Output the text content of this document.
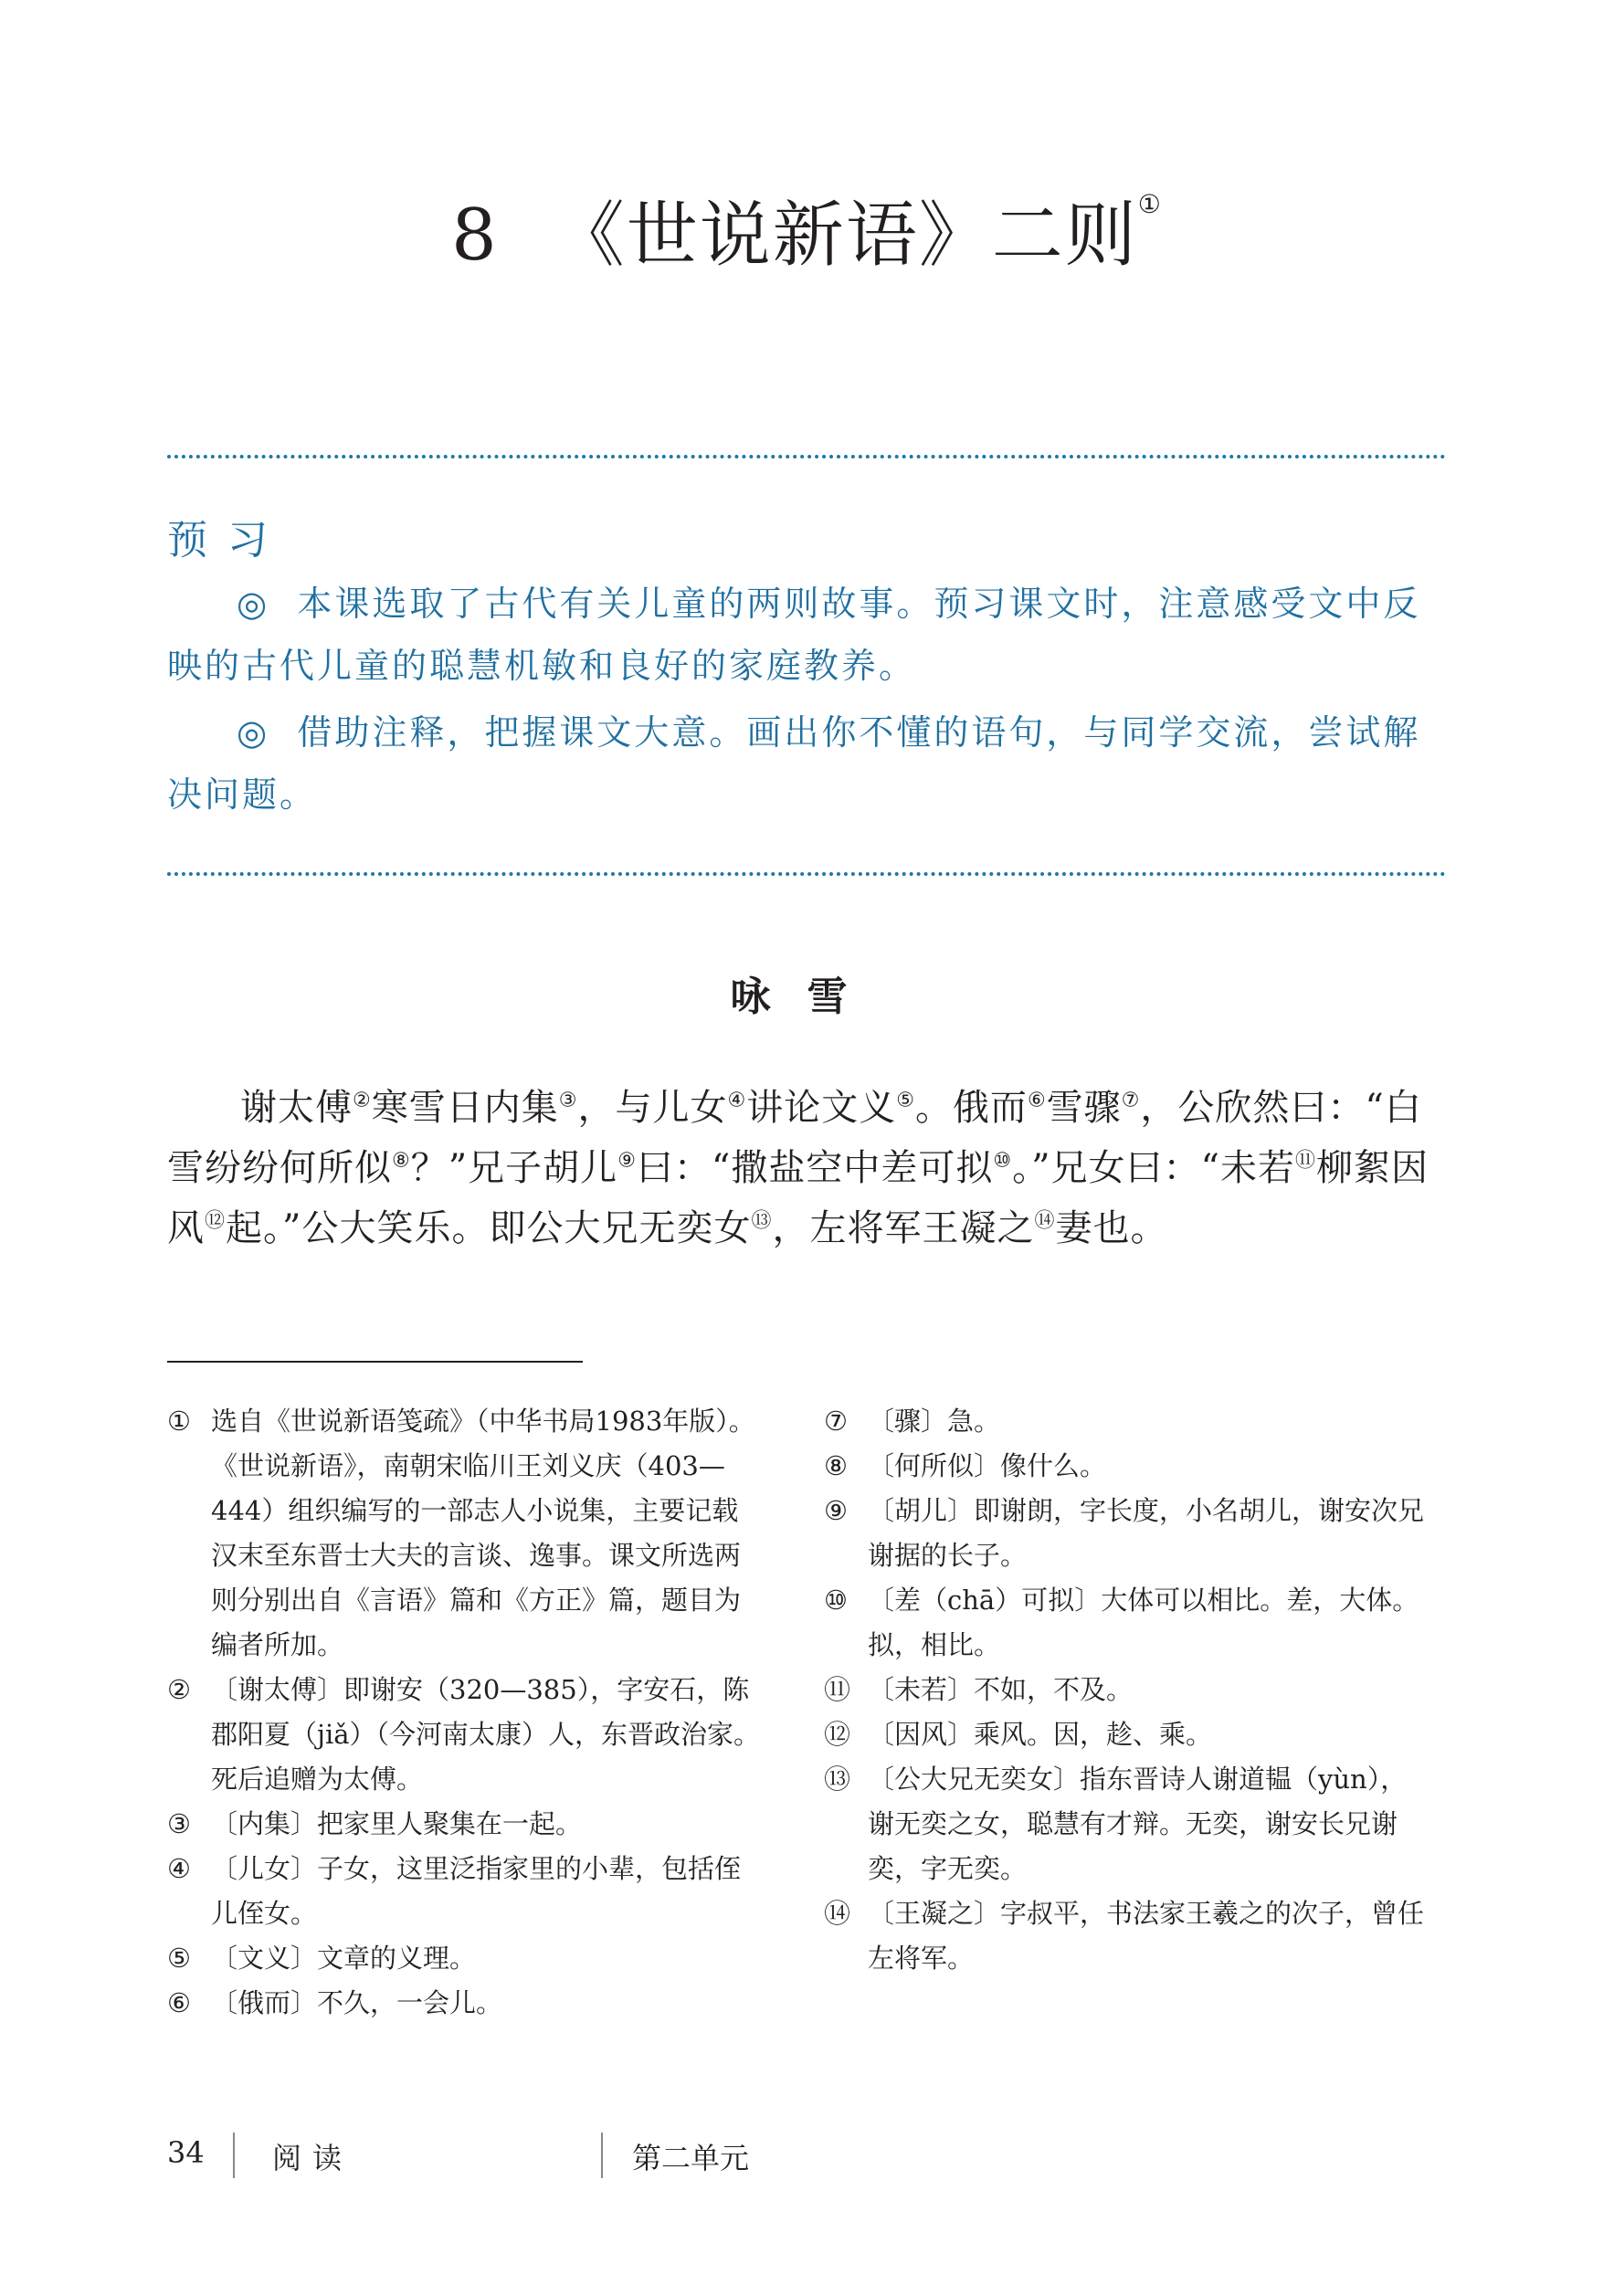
8 《世说新语》二则①
预习
◎ 本课选取了古代有关儿童的两则故事。预习课文时，注意感受文中反映的古代儿童的聪慧机敏和良好的家庭教养。
◎ 借助注释，把握课文大意。画出你不懂的语句，与同学交流，尝试解决问题。
咏雪
谢太傅②寒雪日内集③，与儿女④讲论文义⑤。俄而⑥雪骤⑦，公欣然曰：“白雪纷纷何所似⑧？”兄子胡儿⑨曰：“撒盐空中差可拟⑩。”兄女曰：“未若⑪柳絮因风⑫起。”公大笑乐。即公大兄无奕女⑬，左将军王凝之⑭妻也。
① 选自《世说新语笺疏》（中华书局1983年版）。《世说新语》，南朝宋临川王刘义庆（403—444）组织编写的一部志人小说集，主要记载汉末至东晋士大夫的言谈、逸事。课文所选两则分别出自《言语》篇和《方正》篇，题目为编者所加。
② 〔谢太傅〕即谢安（320—385），字安石，陈郡阳夏（jiǎ）（今河南太康）人，东晋政治家。死后追赠为太傅。
③ 〔内集〕把家里人聚集在一起。
④ 〔儿女〕子女，这里泛指家里的小辈，包括侄儿侄女。
⑤ 〔文义〕文章的义理。
⑥ 〔俄而〕不久，一会儿。
⑦ 〔骤〕急。
⑧ 〔何所似〕像什么。
⑨ 〔胡儿〕即谢朗，字长度，小名胡儿，谢安次兄谢据的长子。
⑩ 〔差（chā）可拟〕大体可以相比。差，大体。拟，相比。
⑪ 〔未若〕不如，不及。
⑫ 〔因风〕乘风。因，趁、乘。
⑬ 〔公大兄无奕女〕指东晋诗人谢道韫（yùn），谢无奕之女，聪慧有才辩。无奕，谢安长兄谢奕，字无奕。
⑭ 〔王凝之〕字叔平，书法家王羲之的次子，曾任左将军。
34 阅读	第二单元
